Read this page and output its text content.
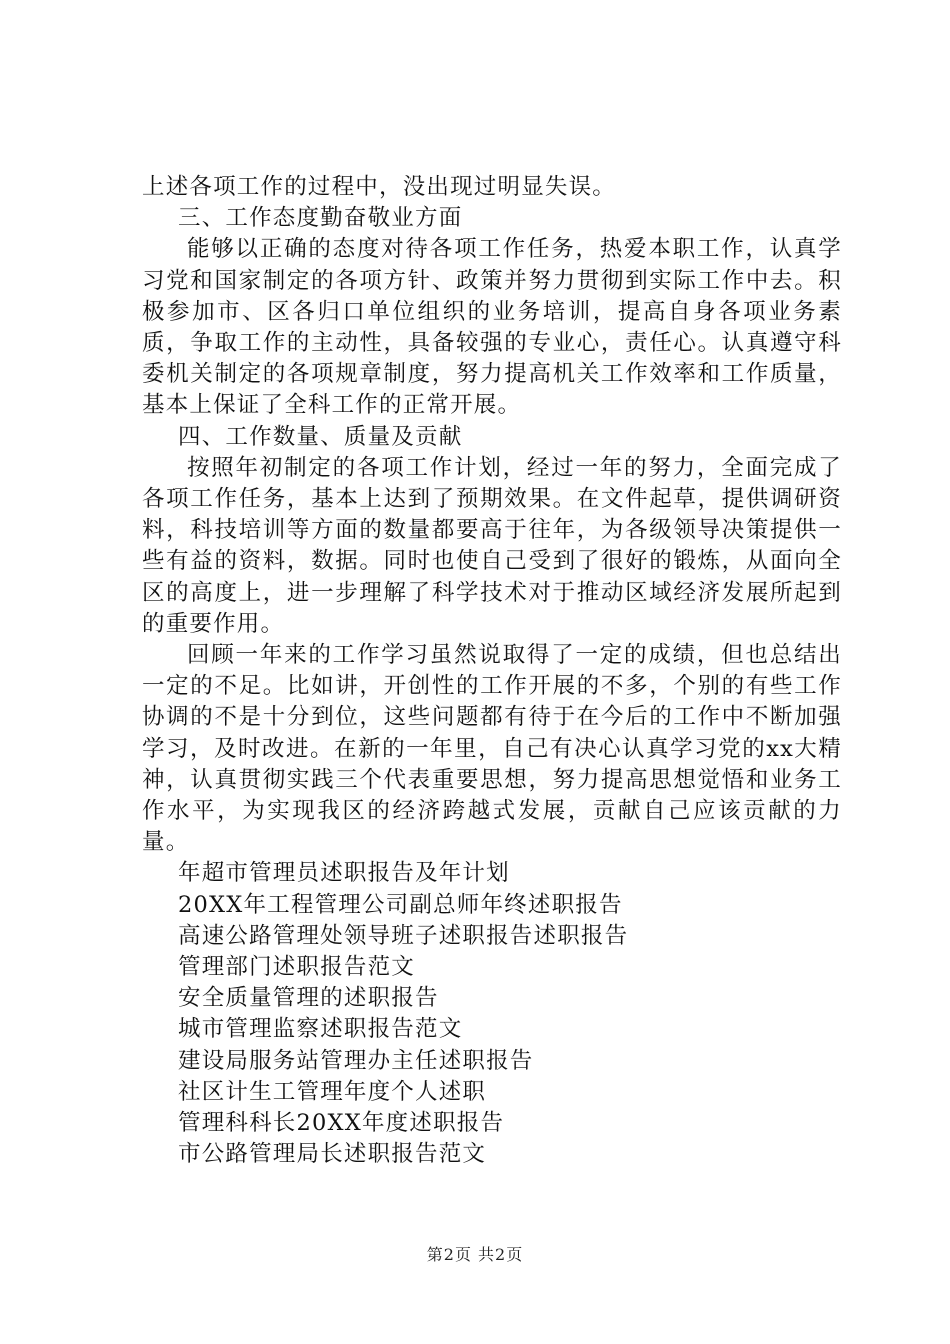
上述各项工作的过程中，没出现过明显失误。

三、工作态度勤奋敬业方面

能够以正确的态度对待各项工作任务，热爱本职工作，认真学习党和国家制定的各项方针、政策并努力贯彻到实际工作中去。积极参加市、区各归口单位组织的业务培训，提高自身各项业务素质，争取工作的主动性，具备较强的专业心，责任心。认真遵守科委机关制定的各项规章制度，努力提高机关工作效率和工作质量，基本上保证了全科工作的正常开展。

四、工作数量、质量及贡献

按照年初制定的各项工作计划，经过一年的努力，全面完成了各项工作任务，基本上达到了预期效果。在文件起草，提供调研资料，科技培训等方面的数量都要高于往年，为各级领导决策提供一些有益的资料，数据。同时也使自己受到了很好的锻炼，从面向全区的高度上，进一步理解了科学技术对于推动区域经济发展所起到的重要作用。

回顾一年来的工作学习虽然说取得了一定的成绩，但也总结出一定的不足。比如讲，开创性的工作开展的不多，个别的有些工作协调的不是十分到位，这些问题都有待于在今后的工作中不断加强学习，及时改进。在新的一年里，自己有决心认真学习党的xx大精神，认真贯彻实践三个代表重要思想，努力提高思想觉悟和业务工作水平，为实现我区的经济跨越式发展，贡献自己应该贡献的力量。

年超市管理员述职报告及年计划
20XX年工程管理公司副总师年终述职报告
高速公路管理处领导班子述职报告述职报告
管理部门述职报告范文
安全质量管理的述职报告
城市管理监察述职报告范文
建设局服务站管理办主任述职报告
社区计生工管理年度个人述职
管理科科长20XX年度述职报告
市公路管理局长述职报告范文
第2页 共2页
